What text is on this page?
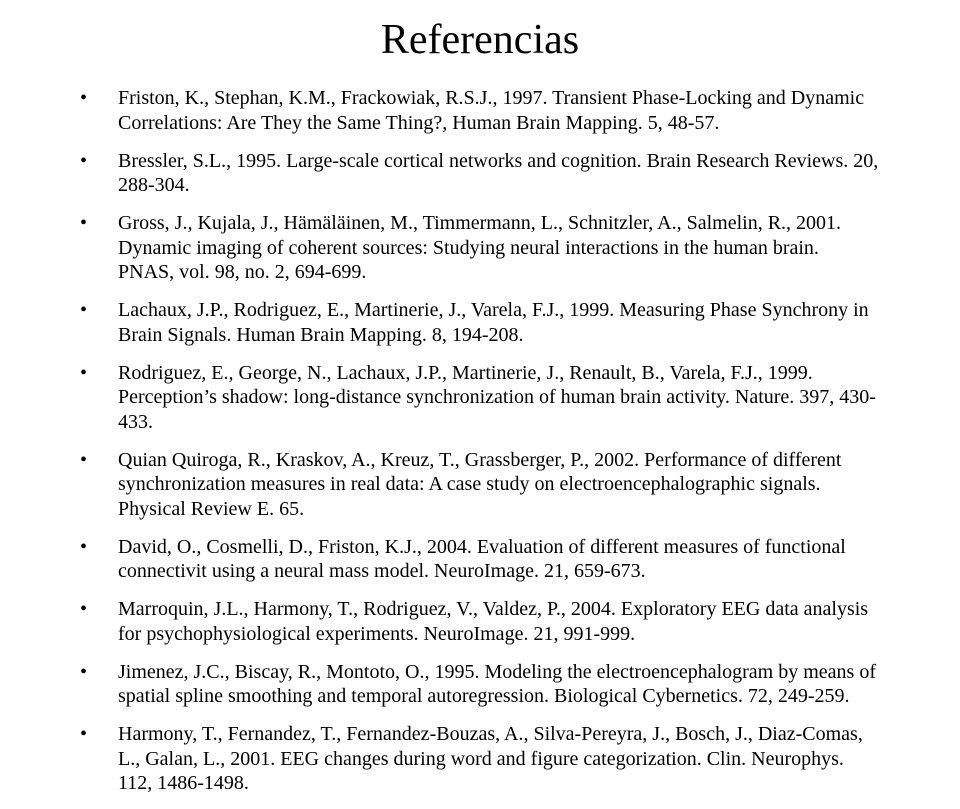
Referencias
• Friston, K., Stephan, K.M., Frackowiak, R.S.J., 1997. Transient Phase-Locking and Dynamic Correlations: Are They the Same Thing?, Human Brain Mapping. 5, 48-57.
• Bressler, S.L., 1995. Large-scale cortical networks and cognition. Brain Research Reviews. 20, 288-304.
• Gross, J., Kujala, J., Hämäläinen, M., Timmermann, L., Schnitzler, A., Salmelin, R., 2001. Dynamic imaging of coherent sources: Studying neural interactions in the human brain. PNAS, vol. 98, no. 2, 694-699.
• Lachaux, J.P., Rodriguez, E., Martinerie, J., Varela, F.J., 1999. Measuring Phase Synchrony in Brain Signals. Human Brain Mapping. 8, 194-208.
• Rodriguez, E., George, N., Lachaux, J.P., Martinerie, J., Renault, B., Varela, F.J., 1999. Perception’s shadow: long-distance synchronization of human brain activity. Nature. 397, 430-433.
• Quian Quiroga, R., Kraskov, A., Kreuz, T., Grassberger, P., 2002. Performance of different synchronization measures in real data: A case study on electroencephalographic signals. Physical Review E. 65.
• David, O., Cosmelli, D., Friston, K.J., 2004. Evaluation of different measures of functional connectivit using a neural mass model. NeuroImage. 21, 659-673.
• Marroquin, J.L., Harmony, T., Rodriguez, V., Valdez, P., 2004. Exploratory EEG data analysis for psychophysiological experiments. NeuroImage. 21, 991-999.
• Jimenez, J.C., Biscay, R., Montoto, O., 1995. Modeling the electroencephalogram by means of spatial spline smoothing and temporal autoregression. Biological Cybernetics. 72, 249-259.
• Harmony, T., Fernandez, T., Fernandez-Bouzas, A., Silva-Pereyra, J., Bosch, J., Diaz-Comas, L., Galan, L., 2001. EEG changes during word and figure categorization. Clin. Neurophys. 112, 1486-1498.
